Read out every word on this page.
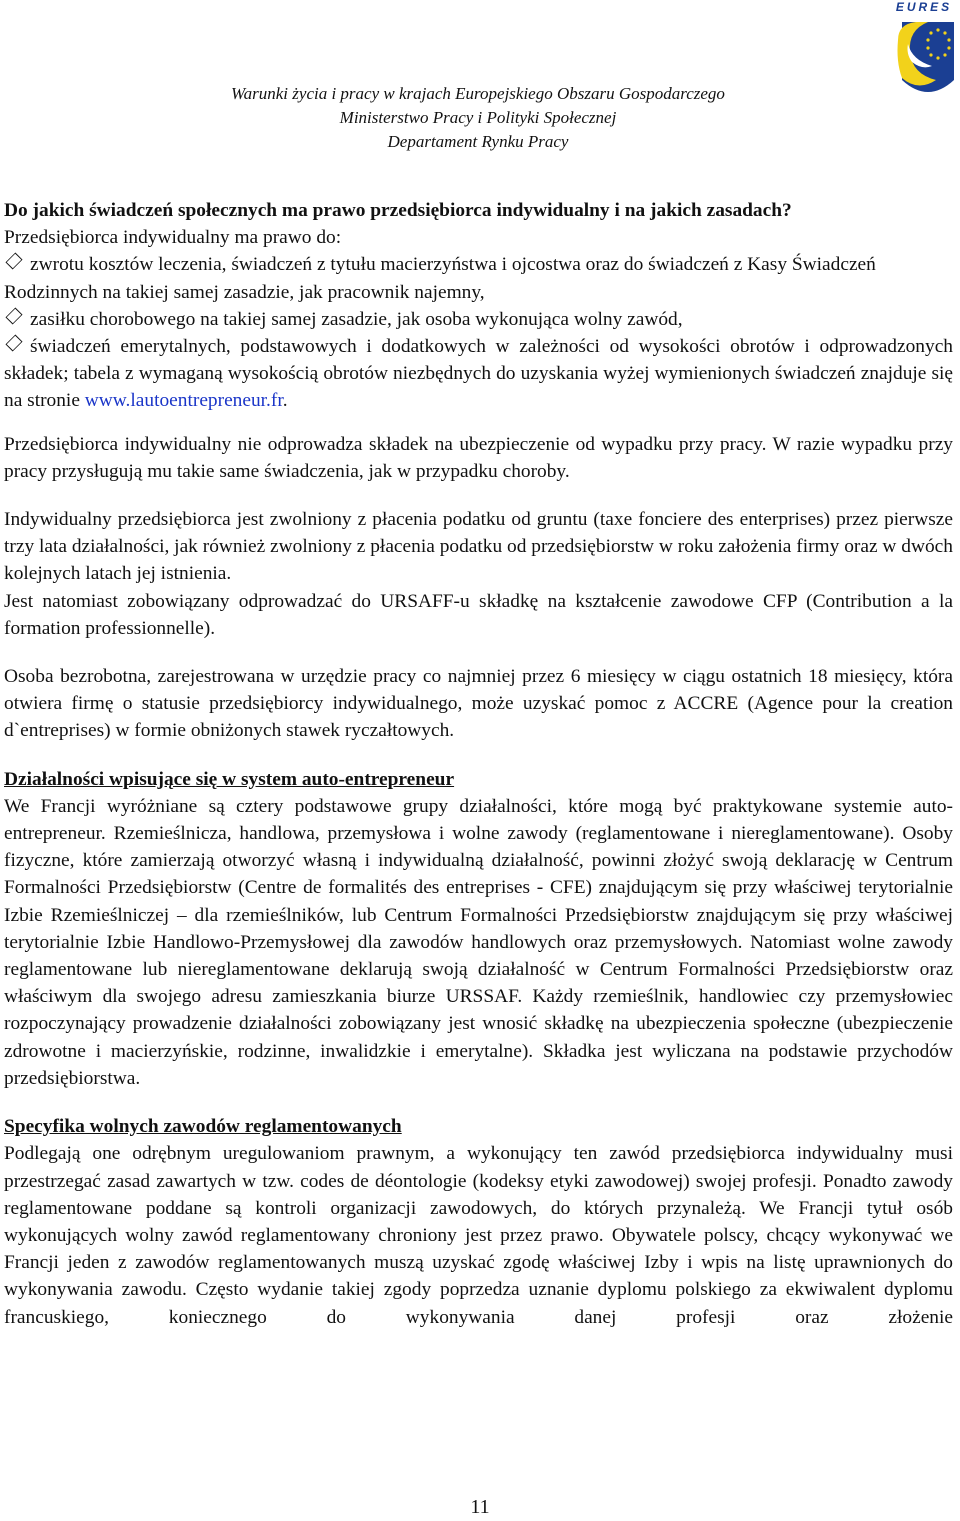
EURES
Warunki życia i pracy w krajach Europejskiego Obszaru Gospodarczego
Ministerstwo Pracy i Polityki Społecznej
Departament Rynku Pracy

Do jakich świadczeń społecznych ma prawo przedsiębiorca indywidualny i na jakich zasadach?

Przedsiębiorca indywidualny ma prawo do:

zwrotu kosztów leczenia, świadczeń z tytułu macierzyństwa i ojcostwa oraz do świadczeń z Kasy Świadczeń Rodzinnych na takiej samej zasadzie, jak pracownik najemny,

zasiłku chorobowego na takiej samej zasadzie, jak osoba wykonująca wolny zawód,

świadczeń emerytalnych, podstawowych i dodatkowych w zależności od wysokości obrotów i odprowadzonych składek; tabela z wymaganą wysokością obrotów niezbędnych do uzyskania wyżej wymienionych świadczeń znajduje się na stronie www.lautoentrepreneur.fr.

Przedsiębiorca indywidualny nie odprowadza składek na ubezpieczenie od wypadku przy pracy. W razie wypadku przy pracy przysługują mu takie same świadczenia, jak w przypadku choroby.

Indywidualny przedsiębiorca jest zwolniony z płacenia podatku od gruntu (taxe fonciere des enterprises) przez pierwsze trzy lata działalności, jak również zwolniony z płacenia podatku od przedsiębiorstw w roku założenia firmy oraz w dwóch kolejnych latach jej istnienia.

Jest natomiast zobowiązany odprowadzać do URSAFF-u składkę na kształcenie zawodowe CFP (Contribution a la formation professionnelle).

Osoba bezrobotna, zarejestrowana w urzędzie pracy co najmniej przez 6 miesięcy w ciągu ostatnich 18 miesięcy, która otwiera firmę o statusie przedsiębiorcy indywidualnego, może uzyskać pomoc z ACCRE (Agence pour la creation d`entreprises) w formie obniżonych stawek ryczałtowych.

Działalności wpisujące się w system auto-entrepreneur

We Francji wyróżniane są cztery podstawowe grupy działalności, które mogą być praktykowane systemie auto-entrepreneur. Rzemieślnicza, handlowa, przemysłowa i wolne zawody (reglamentowane i niereglamentowane). Osoby fizyczne, które zamierzają otworzyć własną i indywidualną działalność, powinni złożyć swoją deklarację w Centrum Formalności Przedsiębiorstw (Centre de formalités des entreprises - CFE) znajdującym się przy właściwej terytorialnie Izbie Rzemieślniczej – dla rzemieślników, lub Centrum Formalności Przedsiębiorstw znajdującym się przy właściwej terytorialnie Izbie Handlowo-Przemysłowej dla zawodów handlowych oraz przemysłowych. Natomiast wolne zawody reglamentowane lub niereglamentowane deklarują swoją działalność w Centrum Formalności Przedsiębiorstw oraz właściwym dla swojego adresu zamieszkania biurze URSSAF. Każdy rzemieślnik, handlowiec czy przemysłowiec rozpoczynający prowadzenie działalności zobowiązany jest wnosić składkę na ubezpieczenia społeczne (ubezpieczenie zdrowotne i macierzyńskie, rodzinne, inwalidzkie i emerytalne). Składka jest wyliczana na podstawie przychodów przedsiębiorstwa.

Specyfika wolnych zawodów reglamentowanych

Podlegają one odrębnym uregulowaniom prawnym, a wykonujący ten zawód przedsiębiorca indywidualny musi przestrzegać zasad zawartych w tzw. codes de déontologie (kodeksy etyki zawodowej) swojej profesji. Ponadto zawody reglamentowane poddane są kontroli organizacji zawodowych, do których przynależą. We Francji tytuł osób wykonujących wolny zawód reglamentowany chroniony jest przez prawo. Obywatele polscy, chcący wykonywać we Francji jeden z zawodów reglamentowanych muszą uzyskać zgodę właściwej Izby i wpis na listę uprawnionych do wykonywania zawodu. Często wydanie takiej zgody poprzedza uznanie dyplomu polskiego za ekwiwalent dyplomu francuskiego, koniecznego do wykonywania danej profesji oraz złożenie

11
